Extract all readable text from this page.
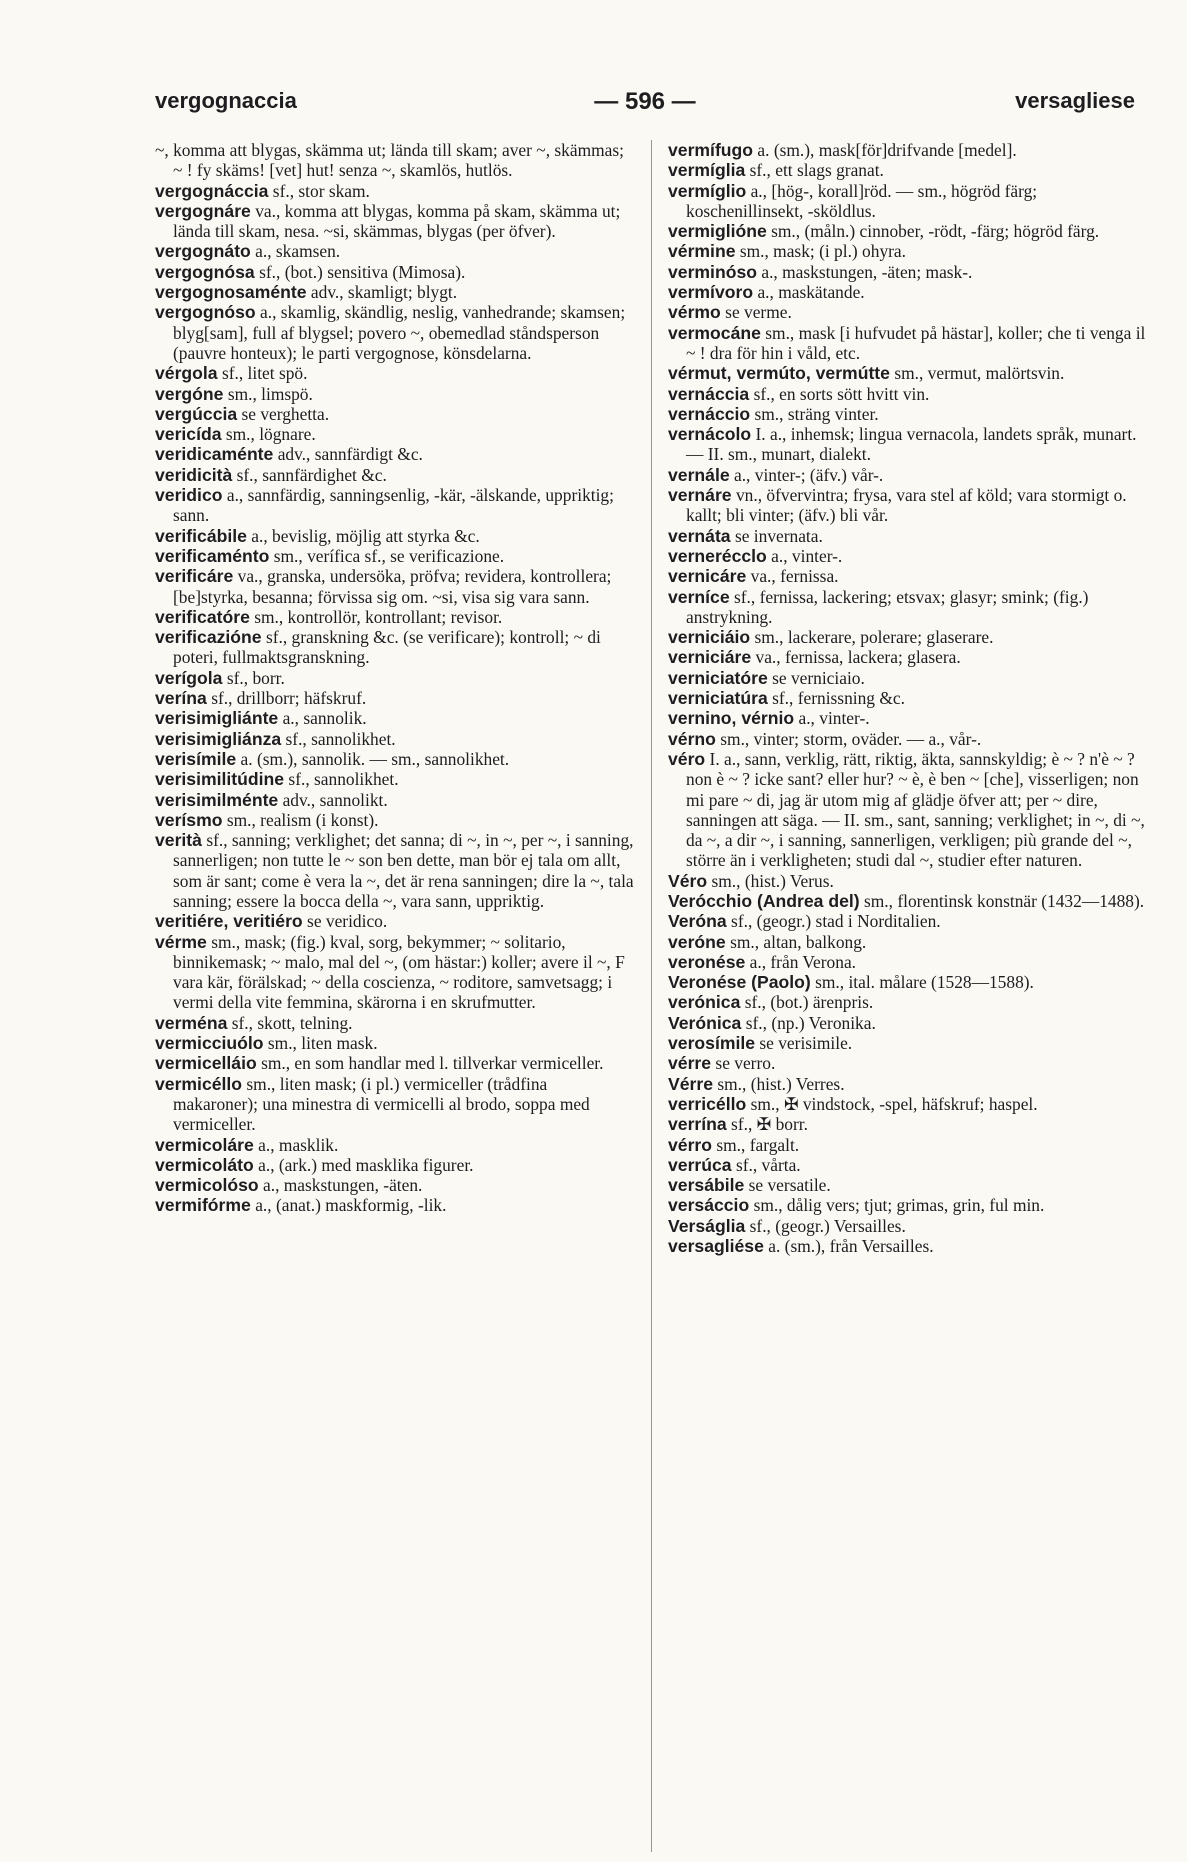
— 596 —
vergognaccia	versagliese

~, komma att blygas, skämma ut; lända till skam; aver ~, skämmas; ~ ! fy skäms! [vet] hut! senza ~, skamlös, hutlös.

vergognáccia sf., stor skam.

vergognáre va., komma att blygas, komma på skam, skämma ut; lända till skam, nesa. ~si, skämmas, blygas (per öfver).

vergognáto a., skamsen.

vergognósa sf., (bot.) sensitiva (Mimosa).

vergognosaménte adv., skamligt; blygt.

vergognóso a., skamlig, skändlig, neslig, vanhedrande; skamsen; blyg[sam], full af blygsel; povero ~, obemedlad ståndsperson (pauvre honteux); le parti vergognose, könsdelarna.

vérgola sf., litet spö.

vergóne sm., limspö.

vergúccia se verghetta.

vericída sm., lögnare.

veridicaménte adv., sannfärdigt &c.

veridicità sf., sannfärdighet &c.

veridico a., sannfärdig, sanningsenlig, -kär, -älskande, uppriktig; sann.

verificábile a., bevislig, möjlig att styrka &c.

verificaménto sm., verífica sf., se verificazione.

verificáre va., granska, undersöka, pröfva; revidera, kontrollera; [be]styrka, besanna; förvissa sig om. ~si, visa sig vara sann.

verificatóre sm., kontrollör, kontrollant; revisor.

verificazióne sf., granskning &c. (se verificare); kontroll; ~ di poteri, fullmaktsgranskning.

verígola sf., borr.

verína sf., drillborr; häfskruf.

verisimigliánte a., sannolik.

verisimigliánza sf., sannolikhet.

verisímile a. (sm.), sannolik. — sm., sannolikhet.

verisimilitúdine sf., sannolikhet.

verisimilménte adv., sannolikt.

verísmo sm., realism (i konst).

verità sf., sanning; verklighet; det sanna; di ~, in ~, per ~, i sanning, sannerligen; non tutte le ~ son ben dette, man bör ej tala om allt, som är sant; come è vera la ~, det är rena sanningen; dire la ~, tala sanning; essere la bocca della ~, vara sann, uppriktig.

veritiére, veritiéro se veridico.

vérme sm., mask; (fig.) kval, sorg, bekymmer; ~ solitario, binnikemask; ~ malo, mal del ~, (om hästar:) koller; avere il ~, F vara kär, förälskad; ~ della coscienza, ~ roditore, samvetsagg; i vermi della vite femmina, skärorna i en skrufmutter.

verména sf., skott, telning.

vermicciuólo sm., liten mask.

vermicelláio sm., en som handlar med l. tillverkar vermiceller.

vermicéllo sm., liten mask; (i pl.) vermiceller (trådfina makaroner); una minestra di vermicelli al brodo, soppa med vermiceller.

vermicoláre a., masklik.

vermicoláto a., (ark.) med masklika figurer.

vermicolóso a., maskstungen, -äten.

vermifórme a., (anat.) maskformig, -lik.

vermífugo a. (sm.), mask[för]drifvande [medel].

vermíglia sf., ett slags granat.

vermíglio a., [hög-, korall]röd. — sm., högröd färg; koschenillinsekt, -sköldlus.

vermiglióne sm., (måln.) cinnober, -rödt, -färg; högröd färg.

vérmine sm., mask; (i pl.) ohyra.

verminóso a., maskstungen, -äten; mask-.

vermívoro a., maskätande.

vérmo se verme.

vermocáne sm., mask [i hufvudet på hästar], koller; che ti venga il ~ ! dra för hin i våld, etc.

vérmut, vermúto, vermútte sm., vermut, malörtsvin.

vernáccia sf., en sorts sött hvitt vin.

vernáccio sm., sträng vinter.

vernácolo I. a., inhemsk; lingua vernacola, landets språk, munart. — II. sm., munart, dialekt.

vernále a., vinter-; (äfv.) vår-.

vernáre vn., öfvervintra; frysa, vara stel af köld; vara stormigt o. kallt; bli vinter; (äfv.) bli vår.

vernáta se invernata.

vernerécclo a., vinter-.

vernicáre va., fernissa.

verníce sf., fernissa, lackering; etsvax; glasyr; smink; (fig.) anstrykning.

verniciáio sm., lackerare, polerare; glaserare.

verniciáre va., fernissa, lackera; glasera.

verniciatóre se verniciaio.

verniciatúra sf., fernissning &c.

vernino, vérnio a., vinter-.

vérno sm., vinter; storm, oväder. — a., vår-.

véro I. a., sann, verklig, rätt, riktig, äkta, sannskyldig; è ~ ? n'è ~ ? non è ~ ? icke sant? eller hur? ~ è, è ben ~ [che], visserligen; non mi pare ~ di, jag är utom mig af glädje öfver att; per ~ dire, sanningen att säga. — II. sm., sant, sanning; verklighet; in ~, di ~, da ~, a dir ~, i sanning, sannerligen, verkligen; più grande del ~, större än i verkligheten; studi dal ~, studier efter naturen.

Véro sm., (hist.) Verus.

Verócchio (Andrea del) sm., florentinsk konstnär (1432—1488).

Veróna sf., (geogr.) stad i Norditalien.

veróne sm., altan, balkong.

veronése a., från Verona.

Veronése (Paolo) sm., ital. målare (1528—1588).

verónica sf., (bot.) ärenpris.

Verónica sf., (np.) Veronika.

verosímile se verisimile.

vérre se verro.

Vérre sm., (hist.) Verres.

verricéllo sm., ✠ vindstock, -spel, häfskruf; haspel.

verrína sf., ✠ borr.

vérro sm., fargalt.

verrúca sf., vårta.

versábile se versatile.

versáccio sm., dålig vers; tjut; grimas, grin, ful min.

Verságlia sf., (geogr.) Versailles.

versagliése a. (sm.), från Versailles.
